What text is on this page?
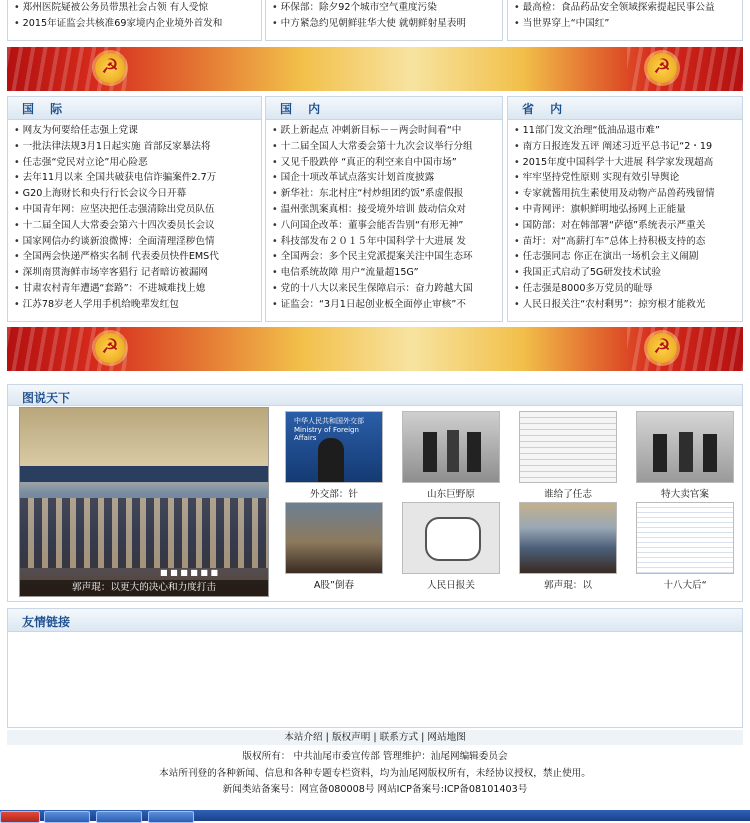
• 郑州医院疑被公务员带黑社会占领 有人受惊
• 2015年证监会共核准69家境内企业境外首发和
• 环保部：除夕92个城市空气重度污染
• 中方紧急约见朝鲜驻华大使 就朝鲜射星表明
• 最高检：食品药品安全领域探索提起民事公益
• 当世界穿上“中国红”
☭
☭
国 际
• 网友为何要给任志强上党课
• 一批法律法规3月1日起实施 首部反家暴法将
• 任志强“党民对立论”用心险恶
• 去年11月以来 全国共破获电信诈骗案件2.7万
• G20上海财长和央行行长会议今日开幕
• 中国青年网：应坚决把任志强清除出党员队伍
• 十二届全国人大常委会第六十四次委员长会议
• 国家网信办约谈新浪微博：全面清理淫秽色情
• 全国两会快递严格实名制 代表委员快件EMS代
• 深圳南贯海鲜市场宰客猖行 记者暗访被漏网
• 甘肃农村青年遭遇“套路”：不进城难找上媳
• 江苏78岁老人学用手机给晚辈发红包
国 内
• 跃上新起点 冲刺新目标－－两会时间看“中
• 十二届全国人大常委会第十九次会议举行分组
• 又见千股跌停 “真正的利空来自中国市场”
• 国企十项改革试点落实计划首度披露
• 新华社：东北村庄“村炒组团约饭”系虚假报
• 温州张凯案真相：接受境外培训 鼓动信众对
• 八问国企改革：董事会能否告别“有形无神”
• 科技部发布２０１５年中国科学十大进展 发
• 全国两会：多个民主党派提案关注中国生态环
• 电信系统故障 用户“流量超15G”
• 党的十八大以来民生保障启示：奋力跨越大国
• 证监会：“3月1日起创业板全面停止审核”不
省 内
• 11部门发文治理“低油品退市难”
• 南方日报连发五评 阐述习近平总书记“2・19
• 2015年度中国科学十大进展 科学家发现超高
• 牢牢坚持党性原则 实现有效引导舆论
• 专家就酱用抗生素使用及动物产品兽药残留情
• 中青网评：旗帜鲜明地弘扬网上正能量
• 国防部：对在韩部署“萨德”系统表示严重关
• 苗圩：对“高薪打车”总体上持积极支持的态
• 任志强同志 你正在演出一场机会主义闹剧
• 我国正式启动了5G研发技术试验
• 任志强是8000多万党员的耻辱
• 人民日报关注“农村剩男”：掠穷根才能救光
☭
☭
图说天下
■ ■ ■ ■ ■ ■
郭声琨：以更大的决心和力度打击
中华人民共和国外交部
Ministry of Foreign Affairs
外交部：针	山东巨野原	谁给了任志	特大卖官案
A股”倒春	人民日报关	郭声琨：以	十八大后“
友情链接
本站介绍 | 版权声明 | 联系方式 | 网站地图
版权所有： 中共汕尾市委宣传部 管理维护：汕尾网编辑委员会
本站所刊登的各种新闻、信息和各种专题专栏资料，均为汕尾网版权所有，未经协议授权，禁止使用。
新闻类站备案号：网宣备080008号 网站ICP备案号:ICP备08101403号
